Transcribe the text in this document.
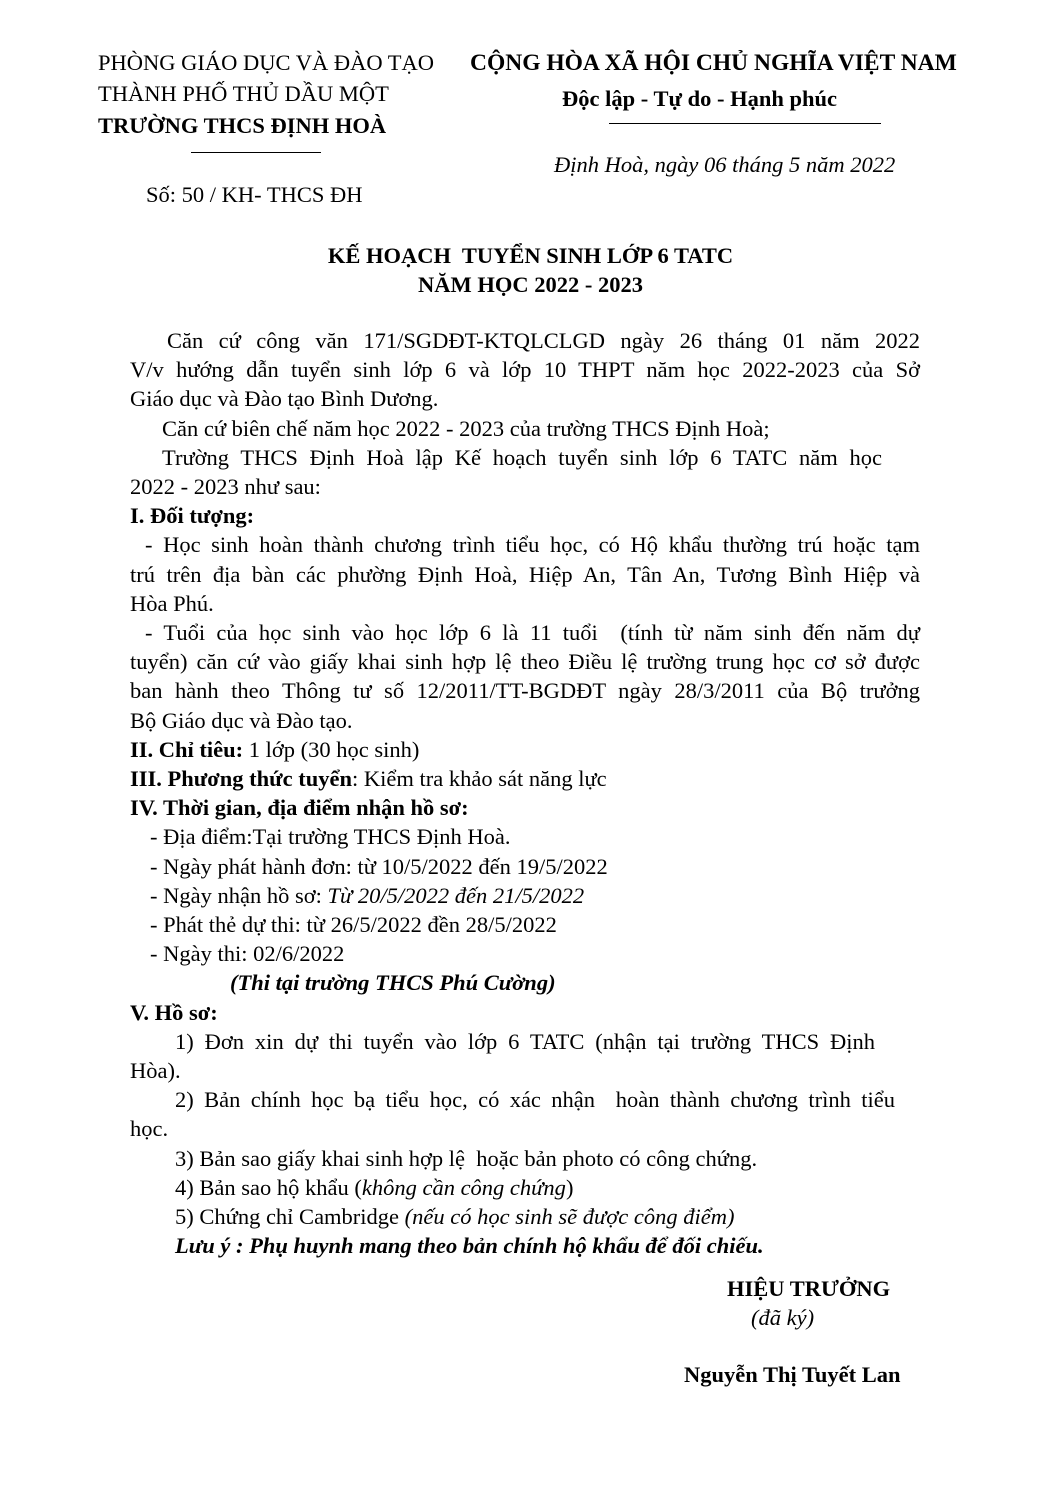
PHÒNG GIÁO DỤC VÀ ĐÀO TẠO
THÀNH PHỐ THỦ DẦU MỘT
TRƯỜNG THCS ĐỊNH HOÀ
CỘNG HÒA XÃ HỘI CHỦ NGHĨA VIỆT NAM
Độc lập - Tự do - Hạnh phúc
Định Hoà, ngày 06 tháng 5 năm 2022
Số: 50 / KH- THCS ĐH
KẾ HOẠCH  TUYỂN SINH LỚP 6 TATC
NĂM HỌC 2022 - 2023

Căn cứ công văn 171/SGDĐT-KTQLCLGD ngày 26 tháng 01 năm 2022

V/v hướng dẫn tuyển sinh lớp 6 và lớp 10 THPT năm học 2022-2023 của Sở

Giáo dục và Đào tạo Bình Dương.

Căn cứ biên chế năm học 2022 - 2023 của trường THCS Định Hoà;

Trường THCS Định Hoà lập Kế hoạch tuyển sinh lớp 6 TATC năm học

2022 - 2023 như sau:

I. Đối tượng:

- Học sinh hoàn thành chương trình tiểu học, có Hộ khẩu thường trú hoặc tạm

trú trên địa bàn các phường Định Hoà, Hiệp An, Tân An, Tương Bình Hiệp và

Hòa Phú.

- Tuổi của học sinh vào học lớp 6 là 11 tuổi  (tính từ năm sinh đến năm dự

tuyển) căn cứ vào giấy khai sinh hợp lệ theo Điều lệ trường trung học cơ sở được

ban hành theo Thông tư số 12/2011/TT-BGDĐT ngày 28/3/2011 của Bộ trưởng

Bộ Giáo dục và Đào tạo.

II. Chỉ tiêu: 1 lớp (30 học sinh)

III. Phương thức tuyển: Kiểm tra khảo sát năng lực

IV. Thời gian, địa điểm nhận hồ sơ:

- Địa điểm:Tại trường THCS Định Hoà.

- Ngày phát hành đơn: từ 10/5/2022 đến 19/5/2022

- Ngày nhận hồ sơ: Từ 20/5/2022 đến 21/5/2022

- Phát thẻ dự thi: từ 26/5/2022 đền 28/5/2022

- Ngày thi: 02/6/2022

(Thi tại trường THCS Phú Cường)

V. Hồ sơ:

1) Đơn xin dự thi tuyển vào lớp 6 TATC (nhận tại trường THCS Định

Hòa).

2) Bản chính học bạ tiểu học, có xác nhận  hoàn thành chương trình tiểu

học.

3) Bản sao giấy khai sinh hợp lệ  hoặc bản photo có công chứng.

4) Bản sao hộ khẩu (không cần công chứng)

5) Chứng chỉ Cambridge (nếu có học sinh sẽ được công điểm)

Lưu ý : Phụ huynh mang theo bản chính hộ khẩu để đối chiếu.

HIỆU TRƯỞNG
(đã ký)
Nguyễn Thị Tuyết Lan
